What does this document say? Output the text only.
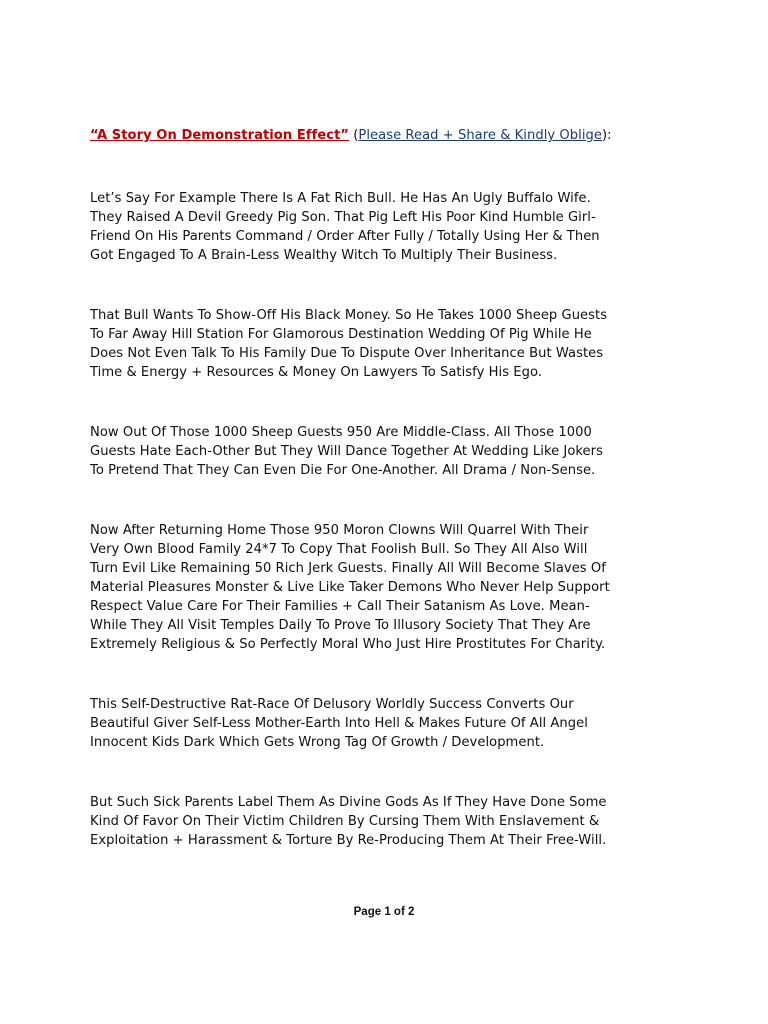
“A Story On Demonstration Effect” (Please Read + Share & Kindly Oblige):
Let’s Say For Example There Is A Fat Rich Bull. He Has An Ugly Buffalo Wife.
They Raised A Devil Greedy Pig Son. That Pig Left His Poor Kind Humble Girl-
Friend On His Parents Command / Order After Fully / Totally Using Her & Then
Got Engaged To A Brain-Less Wealthy Witch To Multiply Their Business.
That Bull Wants To Show-Off His Black Money. So He Takes 1000 Sheep Guests
To Far Away Hill Station For Glamorous Destination Wedding Of Pig While He
Does Not Even Talk To His Family Due To Dispute Over Inheritance But Wastes
Time & Energy + Resources & Money On Lawyers To Satisfy His Ego.
Now Out Of Those 1000 Sheep Guests 950 Are Middle-Class. All Those 1000
Guests Hate Each-Other But They Will Dance Together At Wedding Like Jokers
To Pretend That They Can Even Die For One-Another. All Drama / Non-Sense.
Now After Returning Home Those 950 Moron Clowns Will Quarrel With Their
Very Own Blood Family 24*7 To Copy That Foolish Bull. So They All Also Will
Turn Evil Like Remaining 50 Rich Jerk Guests. Finally All Will Become Slaves Of
Material Pleasures Monster & Live Like Taker Demons Who Never Help Support
Respect Value Care For Their Families + Call Their Satanism As Love. Mean-
While They All Visit Temples Daily To Prove To Illusory Society That They Are
Extremely Religious & So Perfectly Moral Who Just Hire Prostitutes For Charity.
This Self-Destructive Rat-Race Of Delusory Worldly Success Converts Our
Beautiful Giver Self-Less Mother-Earth Into Hell & Makes Future Of All Angel
Innocent Kids Dark Which Gets Wrong Tag Of Growth / Development.
But Such Sick Parents Label Them As Divine Gods As If They Have Done Some
Kind Of Favor On Their Victim Children By Cursing Them With Enslavement &
Exploitation + Harassment & Torture By Re-Producing Them At Their Free-Will.
Page 1 of 2
